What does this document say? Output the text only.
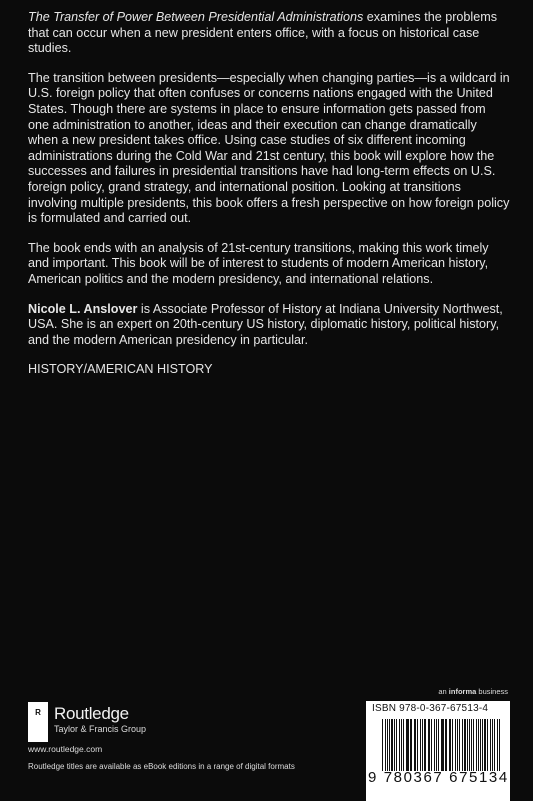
The Transfer of Power Between Presidential Administrations examines the problems that can occur when a new president enters office, with a focus on historical case studies.

The transition between presidents—especially when changing parties—is a wildcard in U.S. foreign policy that often confuses or concerns nations engaged with the United States. Though there are systems in place to ensure information gets passed from one administration to another, ideas and their execution can change dramatically when a new president takes office. Using case studies of six different incoming administrations during the Cold War and 21st century, this book will explore how the successes and failures in presidential transitions have had long-term effects on U.S. foreign policy, grand strategy, and international position. Looking at transitions involving multiple presidents, this book offers a fresh perspective on how foreign policy is formulated and carried out.

The book ends with an analysis of 21st-century transitions, making this work timely and important. This book will be of interest to students of modern American history, American politics and the modern presidency, and international relations.

Nicole L. Anslover is Associate Professor of History at Indiana University Northwest, USA. She is an expert on 20th-century US history, diplomatic history, political history, and the modern American presidency in particular.

HISTORY/AMERICAN HISTORY
R Routledge
Taylor & Francis Group
www.routledge.com
Routledge titles are available as eBook editions in a range of digital formats
an informa business
ISBN 978-0-367-67513-4
9 780367 675134
